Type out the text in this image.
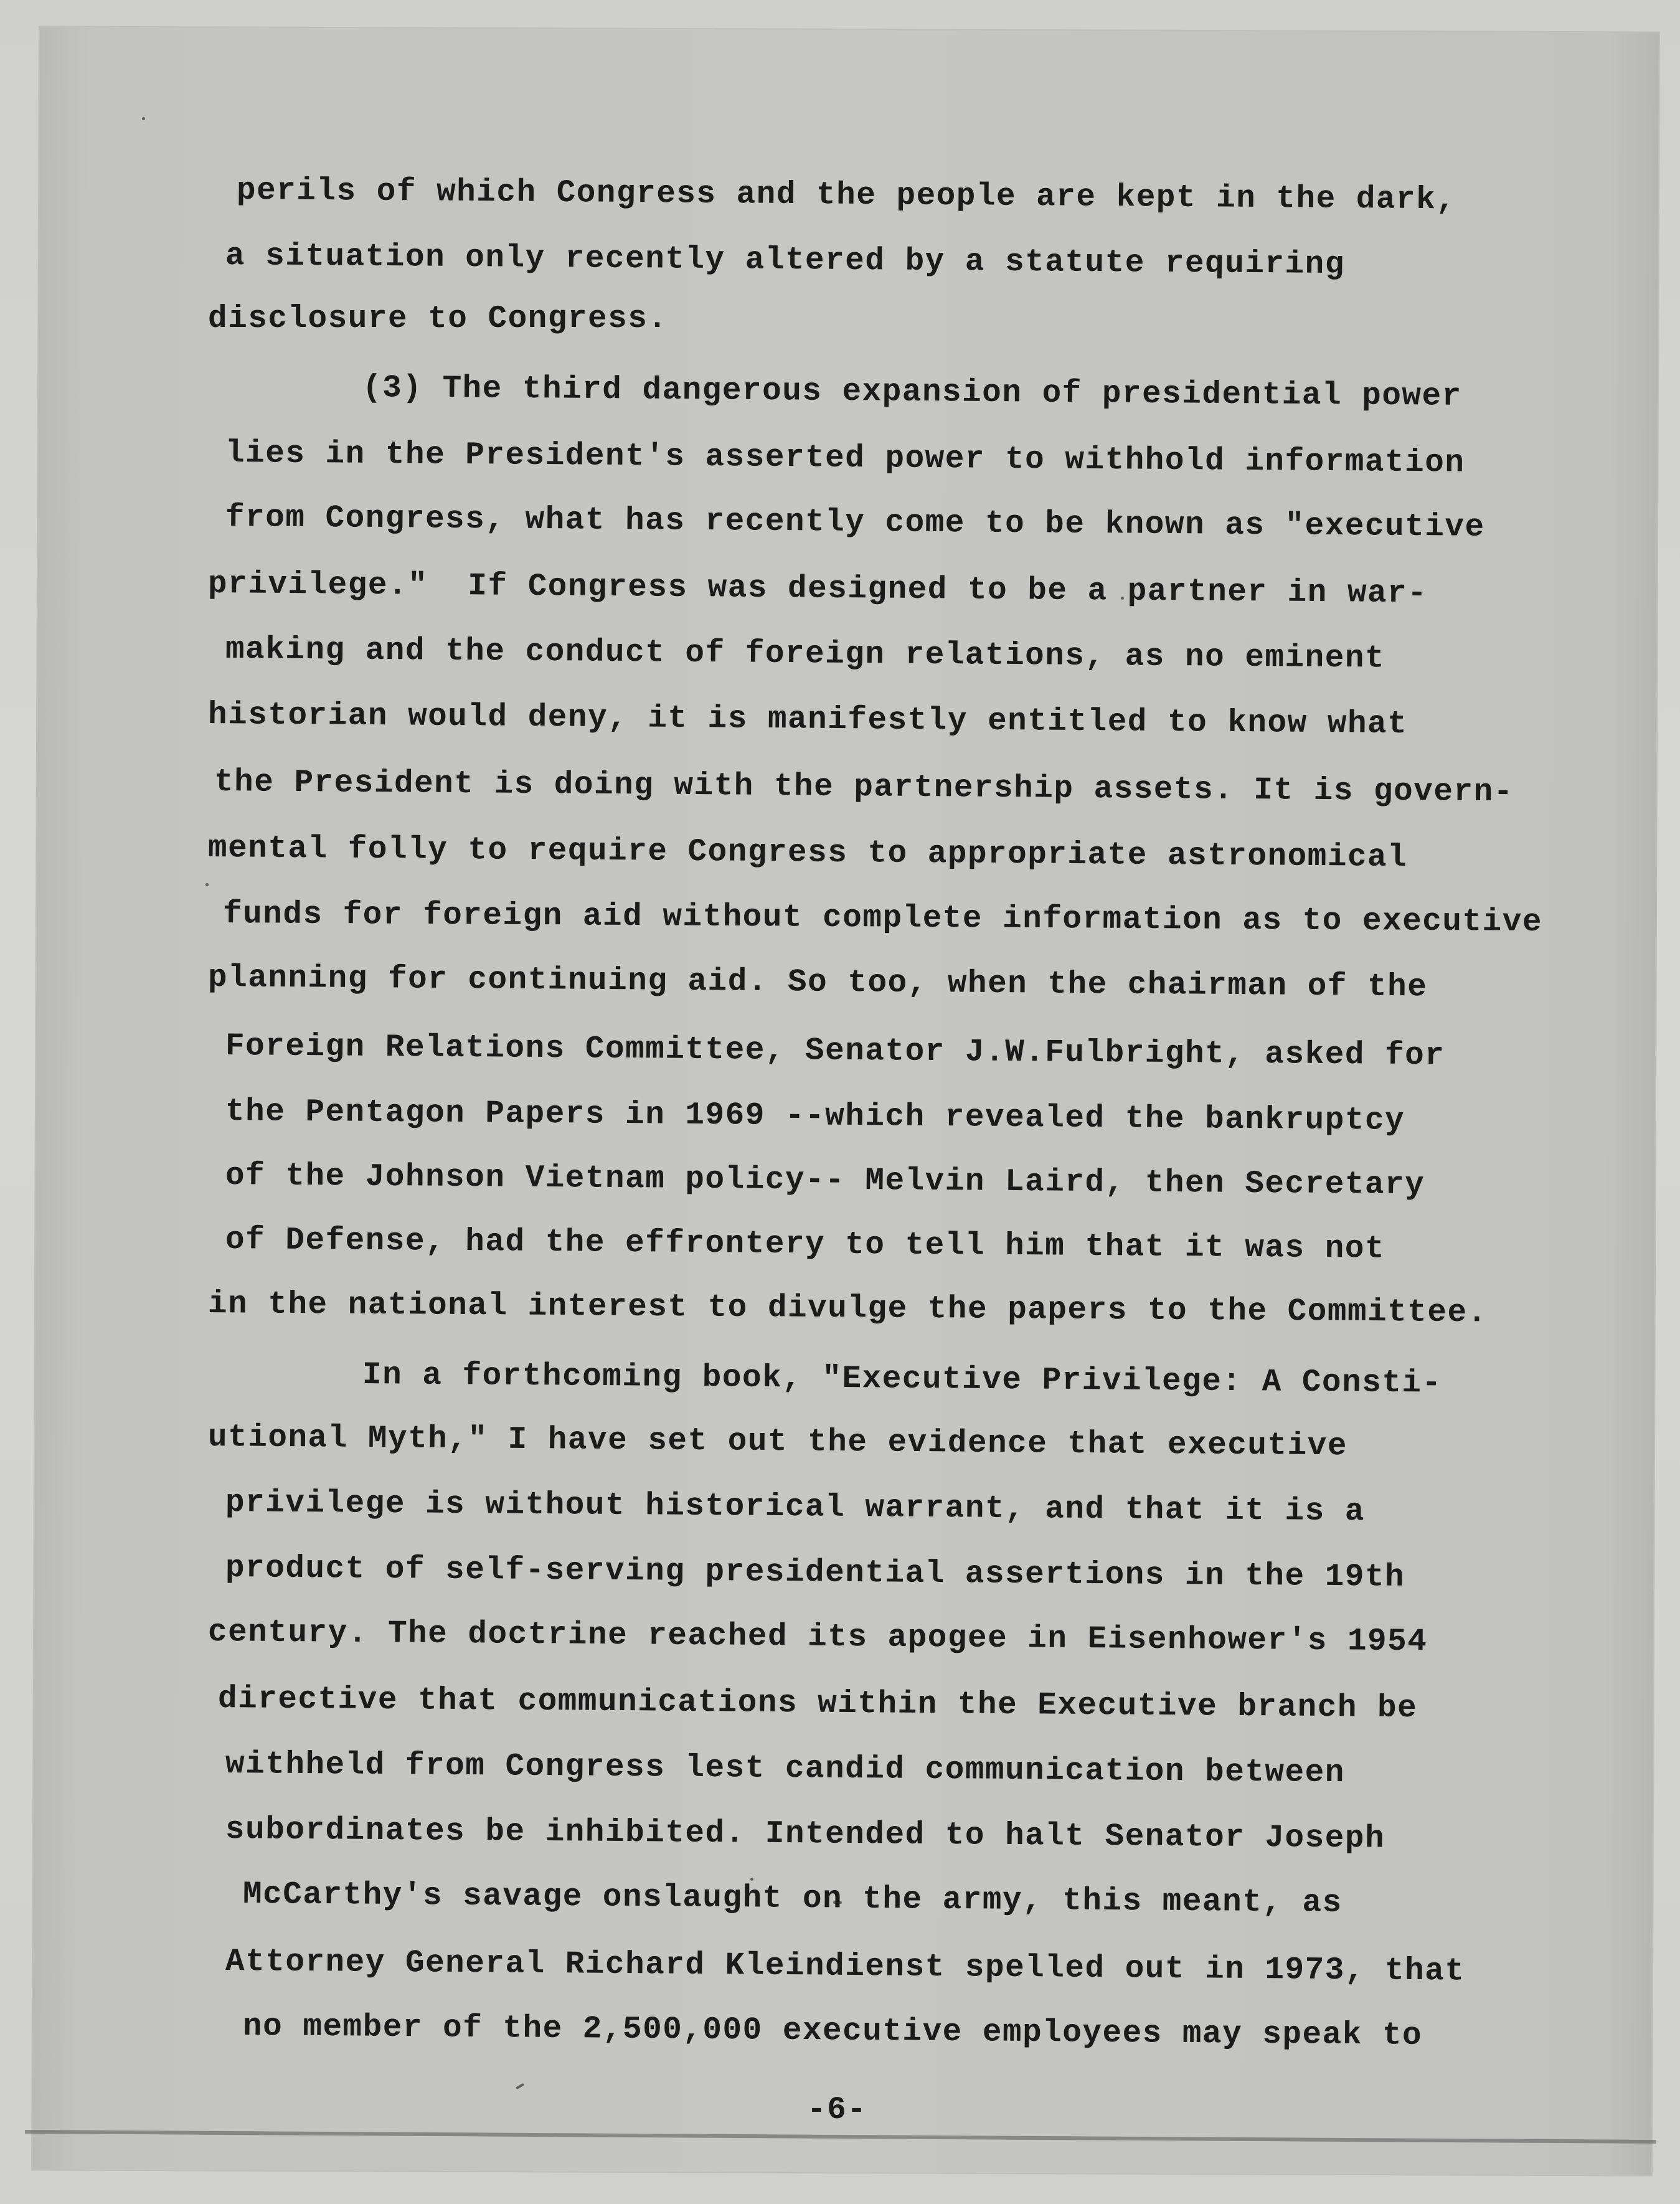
perils of which Congress and the people are kept in the dark,
a situation only recently altered by a statute requiring
disclosure to Congress.
(3) The third dangerous expansion of presidential power
lies in the President's asserted power to withhold information
from Congress, what has recently come to be known as "executive
privilege."  If Congress was designed to be a partner in war-
making and the conduct of foreign relations, as no eminent
historian would deny, it is manifestly entitled to know what
the President is doing with the partnership assets. It is govern-
mental folly to require Congress to appropriate astronomical
funds for foreign aid without complete information as to executive
planning for continuing aid. So too, when the chairman of the
Foreign Relations Committee, Senator J.W.Fulbright, asked for
the Pentagon Papers in 1969 --which revealed the bankruptcy
of the Johnson Vietnam policy-- Melvin Laird, then Secretary
of Defense, had the effrontery to tell him that it was not
in the national interest to divulge the papers to the Committee.
In a forthcoming book, "Executive Privilege: A Consti-
utional Myth," I have set out the evidence that executive
privilege is without historical warrant, and that it is a
product of self-serving presidential assertions in the 19th
century. The doctrine reached its apogee in Eisenhower's 1954
directive that communications within the Executive branch be
withheld from Congress lest candid communication between
subordinates be inhibited. Intended to halt Senator Joseph
McCarthy's savage onslaught on the army, this meant, as
Attorney General Richard Kleindienst spelled out in 1973, that
no member of the 2,500,000 executive employees may speak to
-6-
